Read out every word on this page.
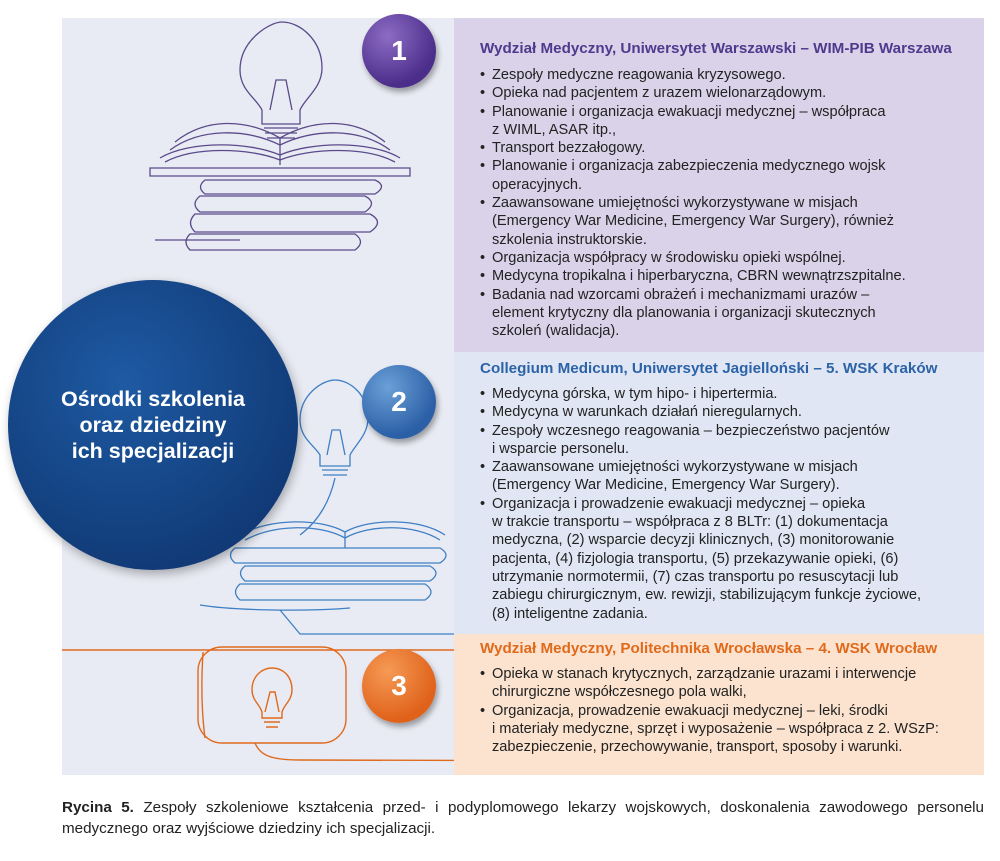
Wydział Medyczny, Uniwersytet Warszawski – WIM-PIB Warszawa
• Zespoły medyczne reagowania kryzysowego.
• Opieka nad pacjentem z urazem wielonarządowym.
• Planowanie i organizacja ewakuacji medycznej – współpraca
z WIML, ASAR itp.,
• Transport bezzałogowy.
• Planowanie i organizacja zabezpieczenia medycznego wojsk
operacyjnych.
• Zaawansowane umiejętności wykorzystywane w misjach
(Emergency War Medicine, Emergency War Surgery), również
szkolenia instruktorskie.
• Organizacja współpracy w środowisku opieki wspólnej.
• Medycyna tropikalna i hiperbaryczna, CBRN wewnątrzszpitalne.
• Badania nad wzorcami obrażeń i mechanizmami urazów –
element krytyczny dla planowania i organizacji skutecznych
szkoleń (walidacja).
Collegium Medicum, Uniwersytet Jagielloński – 5. WSK Kraków
• Medycyna górska, w tym hipo- i hipertermia.
• Medycyna w warunkach działań nieregularnych.
• Zespoły wczesnego reagowania – bezpieczeństwo pacjentów
i wsparcie personelu.
• Zaawansowane umiejętności wykorzystywane w misjach
(Emergency War Medicine, Emergency War Surgery).
• Organizacja i prowadzenie ewakuacji medycznej – opieka
w trakcie transportu – współpraca z 8 BLTr: (1) dokumentacja
medyczna, (2) wsparcie decyzji klinicznych, (3) monitorowanie
pacjenta, (4) fizjologia transportu, (5) przekazywanie opieki, (6)
utrzymanie normotermii, (7) czas transportu po resuscytacji lub
zabiegu chirurgicznym, ew. rewizji, stabilizującym funkcje życiowe,
(8) inteligentne zadania.
Wydział Medyczny, Politechnika Wrocławska – 4. WSK Wrocław
• Opieka w stanach krytycznych, zarządzanie urazami i interwencje
chirurgiczne współczesnego pola walki,
• Organizacja, prowadzenie ewakuacji medycznej – leki, środki
i materiały medyczne, sprzęt i wyposażenie – współpraca z 2. WSzP:
zabezpieczenie, przechowywanie, transport, sposoby i warunki.
1
2
3
Ośrodki szkolenia
oraz dziedziny
ich specjalizacji
Rycina 5. Zespoły szkoleniowe kształcenia przed- i podyplomowego lekarzy wojskowych, doskonalenia zawodowego personelu medycznego oraz wyjściowe dziedziny ich specjalizacji.
